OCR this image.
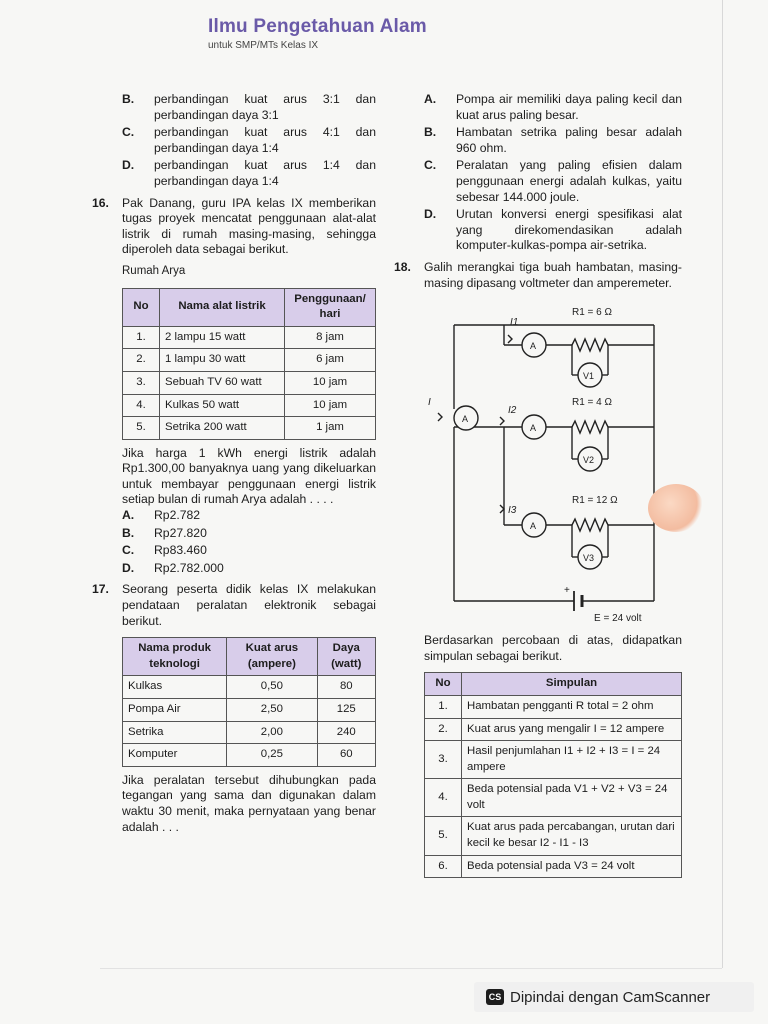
Ilmu Pengetahuan Alam
untuk SMP/MTs Kelas IX
B. perbandingan kuat arus 3:1 dan perbandingan daya 3:1
C. perbandingan kuat arus 4:1 dan perbandingan daya 1:4
D. perbandingan kuat arus 1:4 dan perbandingan daya 1:4
16. Pak Danang, guru IPA kelas IX memberikan tugas proyek mencatat penggunaan alat-alat listrik di rumah masing-masing, sehingga diperoleh data sebagai berikut.
Rumah Arya
No	Nama alat listrik	Penggunaan/ hari
1.	2 lampu 15 watt	8 jam
2.	1 lampu 30 watt	6 jam
3.	Sebuah TV 60 watt	10 jam
4.	Kulkas 50 watt	10 jam
5.	Setrika 200 watt	1 jam
Jika harga 1 kWh energi listrik adalah Rp1.300,00 banyaknya uang yang dikeluarkan untuk membayar penggunaan energi listrik setiap bulan di rumah Arya adalah . . . .
A. Rp2.782
B. Rp27.820
C. Rp83.460
D. Rp2.782.000
17. Seorang peserta didik kelas IX melakukan pendataan peralatan elektronik sebagai berikut.
Nama produk teknologi	Kuat arus (ampere)	Daya (watt)
Kulkas	0,50	80
Pompa Air	2,50	125
Setrika	2,00	240
Komputer	0,25	60
Jika peralatan tersebut dihubungkan pada tegangan yang sama dan digunakan dalam waktu 30 menit, maka pernyataan yang benar adalah . . .
A. Pompa air memiliki daya paling kecil dan kuat arus paling besar.
B. Hambatan setrika paling besar adalah 960 ohm.
C. Peralatan yang paling efisien dalam penggunaan energi adalah kulkas, yaitu sebesar 144.000 joule.
D. Urutan konversi energi spesifikasi alat yang direkomendasikan adalah komputer-kulkas-pompa air-setrika.
18. Galih merangkai tiga buah hambatan, masing-masing dipasang voltmeter dan amperemeter.
R1 = 6 Ω
R1 = 4 Ω
R1 = 12 Ω
I1
I2
I3
I
A
A
A
A
V1
V2
V3
E = 24 volt
+
Berdasarkan percobaan di atas, didapatkan simpulan sebagai berikut.
No	Simpulan
1.	Hambatan pengganti R total = 2 ohm
2.	Kuat arus yang mengalir I = 12 ampere
3.	Hasil penjumlahan I1 + I2 + I3 = I = 24 ampere
4.	Beda potensial pada V1 + V2 + V3 = 24 volt
5.	Kuat arus pada percabangan, urutan dari kecil ke besar I2 - I1 - I3
6.	Beda potensial pada V3 = 24 volt
CS Dipindai dengan CamScanner
